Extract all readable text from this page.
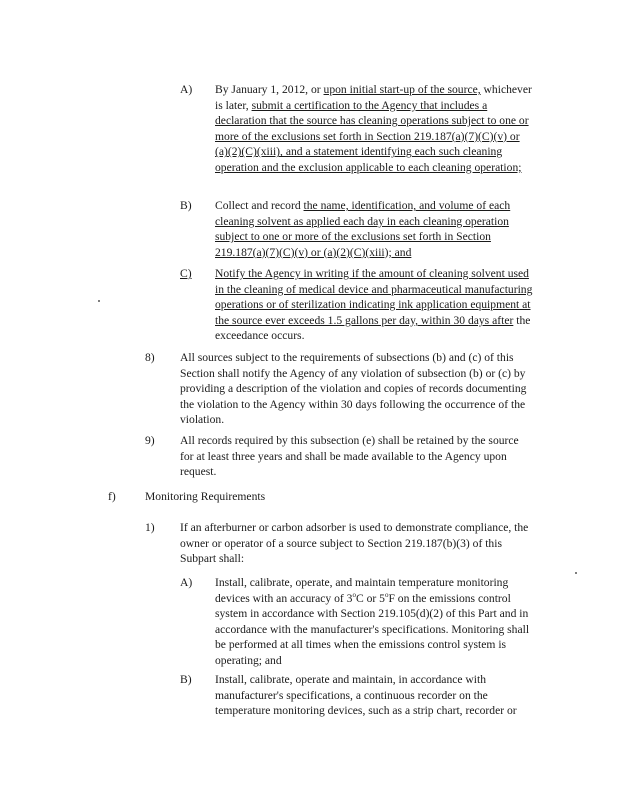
A) By January 1, 2012, or upon initial start-up of the source, whichever is later, submit a certification to the Agency that includes a declaration that the source has cleaning operations subject to one or more of the exclusions set forth in Section 219.187(a)(7)(C)(v) or (a)(2)(C)(xiii), and a statement identifying each such cleaning operation and the exclusion applicable to each cleaning operation;
B) Collect and record the name, identification, and volume of each cleaning solvent as applied each day in each cleaning operation subject to one or more of the exclusions set forth in Section 219.187(a)(7)(C)(v) or (a)(2)(C)(xiii); and
C) Notify the Agency in writing if the amount of cleaning solvent used in the cleaning of medical device and pharmaceutical manufacturing operations or of sterilization indicating ink application equipment at the source ever exceeds 1.5 gallons per day, within 30 days after the exceedance occurs.
8) All sources subject to the requirements of subsections (b) and (c) of this Section shall notify the Agency of any violation of subsection (b) or (c) by providing a description of the violation and copies of records documenting the violation to the Agency within 30 days following the occurrence of the violation.
9) All records required by this subsection (e) shall be retained by the source for at least three years and shall be made available to the Agency upon request.
f)	Monitoring Requirements
1) If an afterburner or carbon adsorber is used to demonstrate compliance, the owner or operator of a source subject to Section 219.187(b)(3) of this Subpart shall:
A) Install, calibrate, operate, and maintain temperature monitoring devices with an accuracy of 3$^o$C or 5$^o$F on the emissions control system in accordance with Section 219.105(d)(2) of this Part and in accordance with the manufacturer's specifications. Monitoring shall be performed at all times when the emissions control system is operating; and
B) Install, calibrate, operate and maintain, in accordance with manufacturer's specifications, a continuous recorder on the temperature monitoring devices, such as a strip chart, recorder or
